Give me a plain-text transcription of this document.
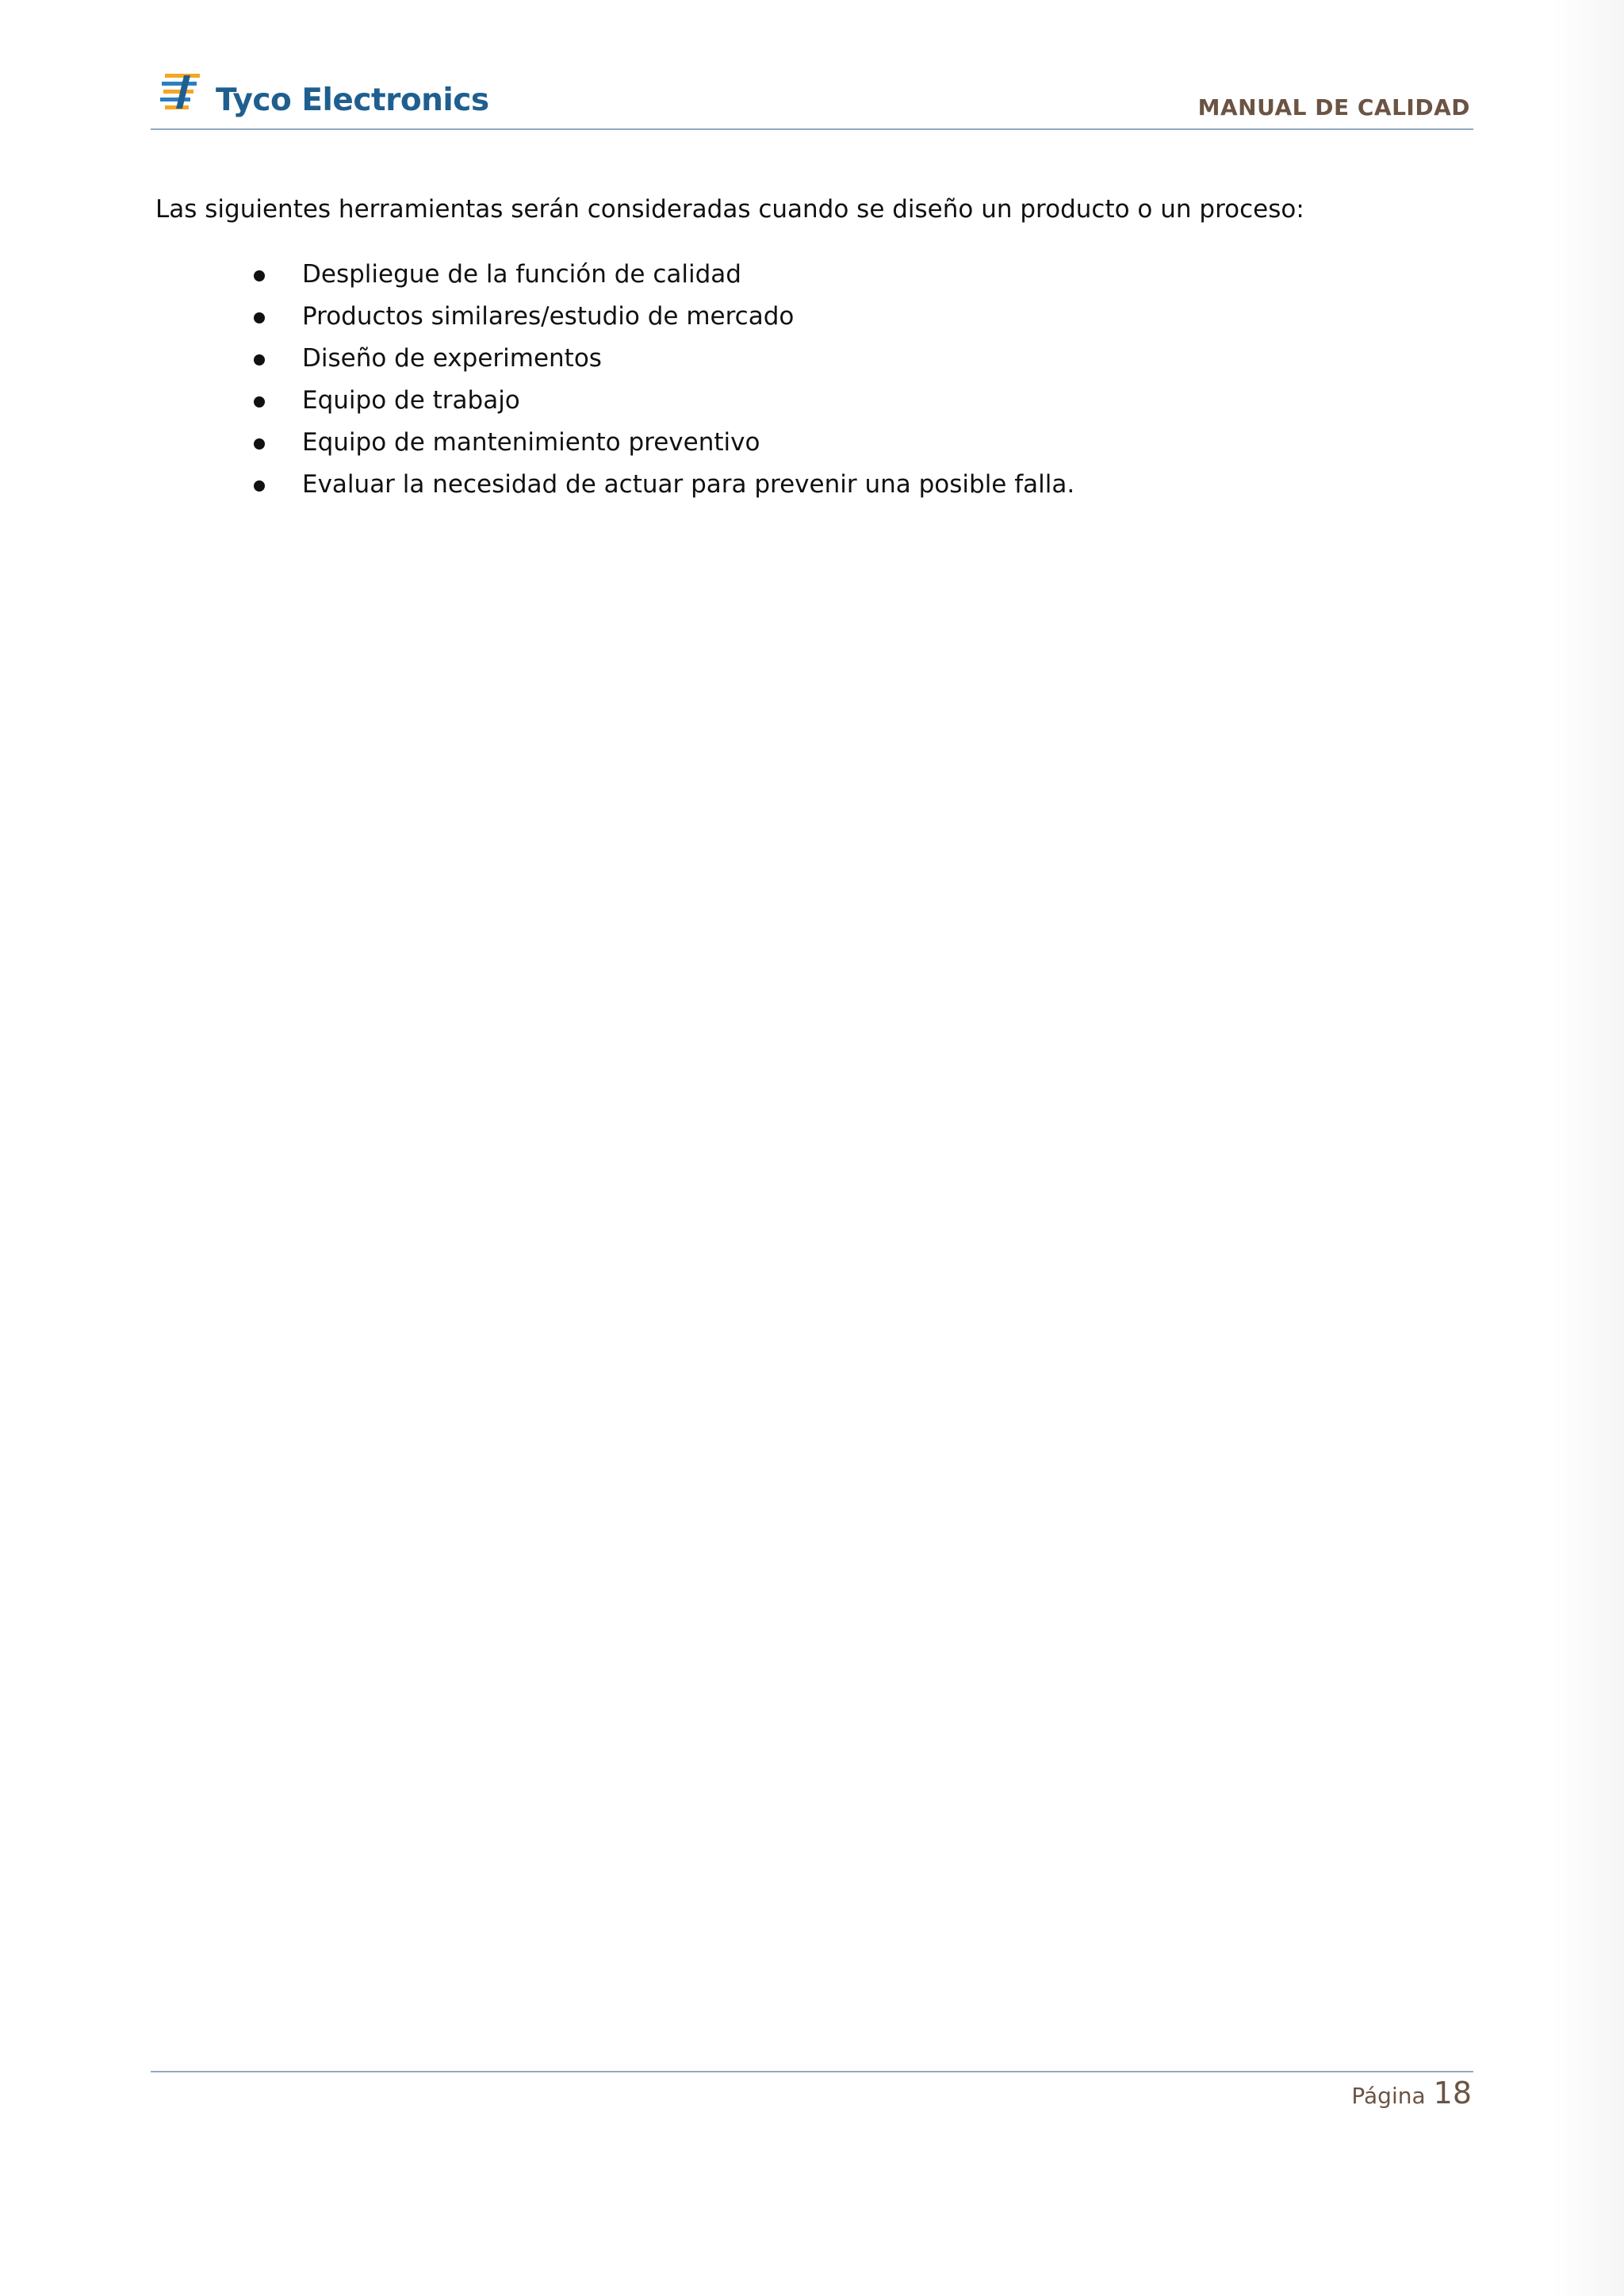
Tyco Electronics	MANUAL DE CALIDAD

Las siguientes herramientas serán consideradas cuando se diseño un producto o un proceso:

Despliegue de la función de calidad
Productos similares/estudio de mercado
Diseño de experimentos
Equipo de trabajo
Equipo de mantenimiento preventivo
Evaluar la necesidad de actuar para prevenir una posible falla.
Página 18
